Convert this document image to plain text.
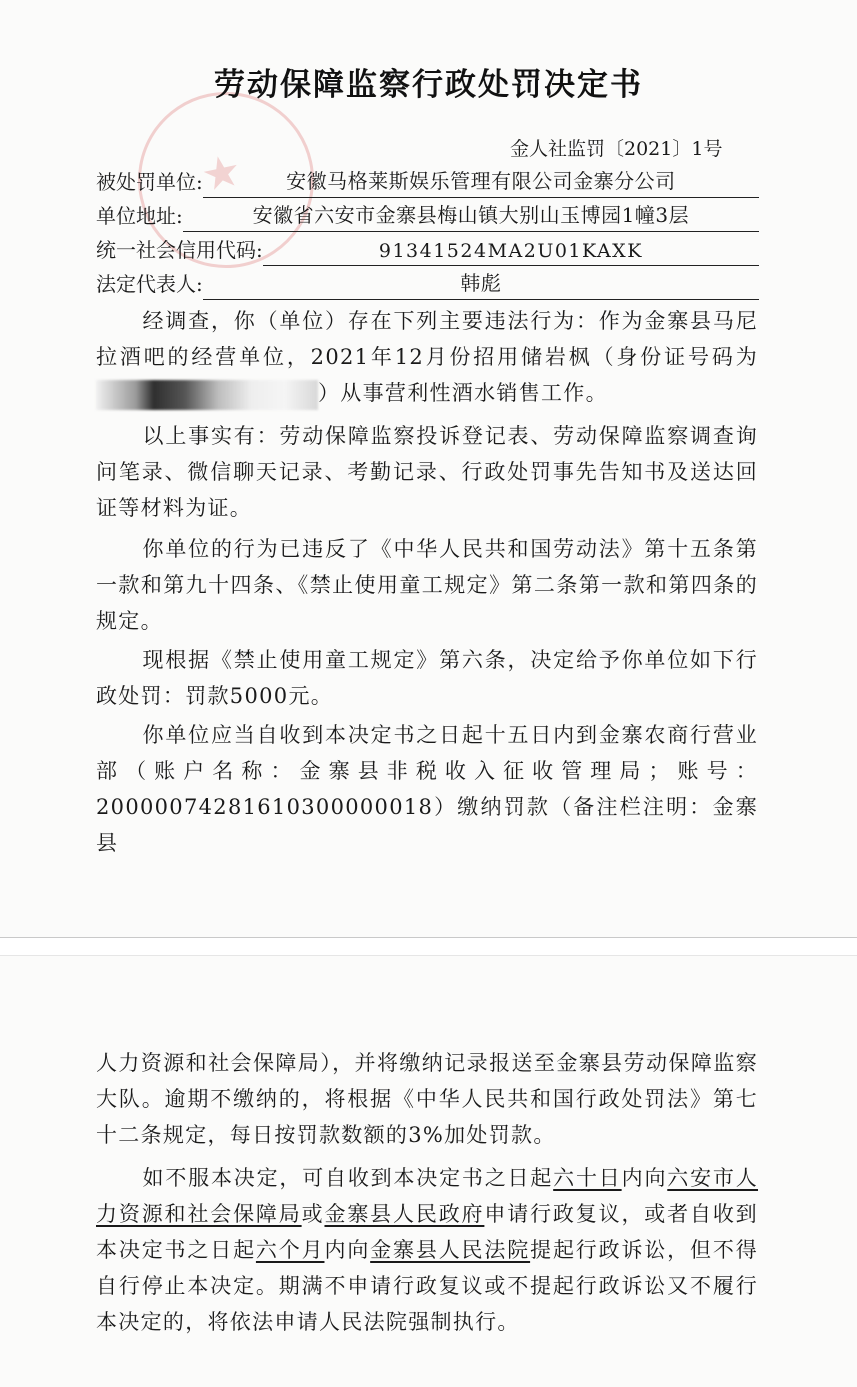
★
劳动保障监察行政处罚决定书
金人社监罚〔2021〕1号
被处罚单位:	安徽马格莱斯娱乐管理有限公司金寨分公司
单位地址:	安徽省六安市金寨县梅山镇大别山玉博园1幢3层
统一社会信用代码:	91341524MA2U01KAXK
法定代表人:	韩彪

经调查，你（单位）存在下列主要违法行为：作为金寨县马尼拉酒吧的经营单位，2021年12月份招用储岩枫（身份证号码为）从事营利性酒水销售工作。

以上事实有：劳动保障监察投诉登记表、劳动保障监察调查询问笔录、微信聊天记录、考勤记录、行政处罚事先告知书及送达回证等材料为证。

你单位的行为已违反了《中华人民共和国劳动法》第十五条第一款和第九十四条、《禁止使用童工规定》第二条第一款和第四条的规定。

现根据《禁止使用童工规定》第六条，决定给予你单位如下行政处罚：罚款5000元。

你单位应当自收到本决定书之日起十五日内到金寨农商行营业部（账户名称：金寨县非税收入征收管理局；账号：20000074281610300000018）缴纳罚款（备注栏注明：金寨县

人力资源和社会保障局），并将缴纳记录报送至金寨县劳动保障监察大队。逾期不缴纳的，将根据《中华人民共和国行政处罚法》第七十二条规定，每日按罚款数额的3%加处罚款。

如不服本决定，可自收到本决定书之日起六十日内向六安市人力资源和社会保障局或金寨县人民政府申请行政复议，或者自收到本决定书之日起六个月内向金寨县人民法院提起行政诉讼，但不得自行停止本决定。期满不申请行政复议或不提起行政诉讼又不履行本决定的，将依法申请人民法院强制执行。
